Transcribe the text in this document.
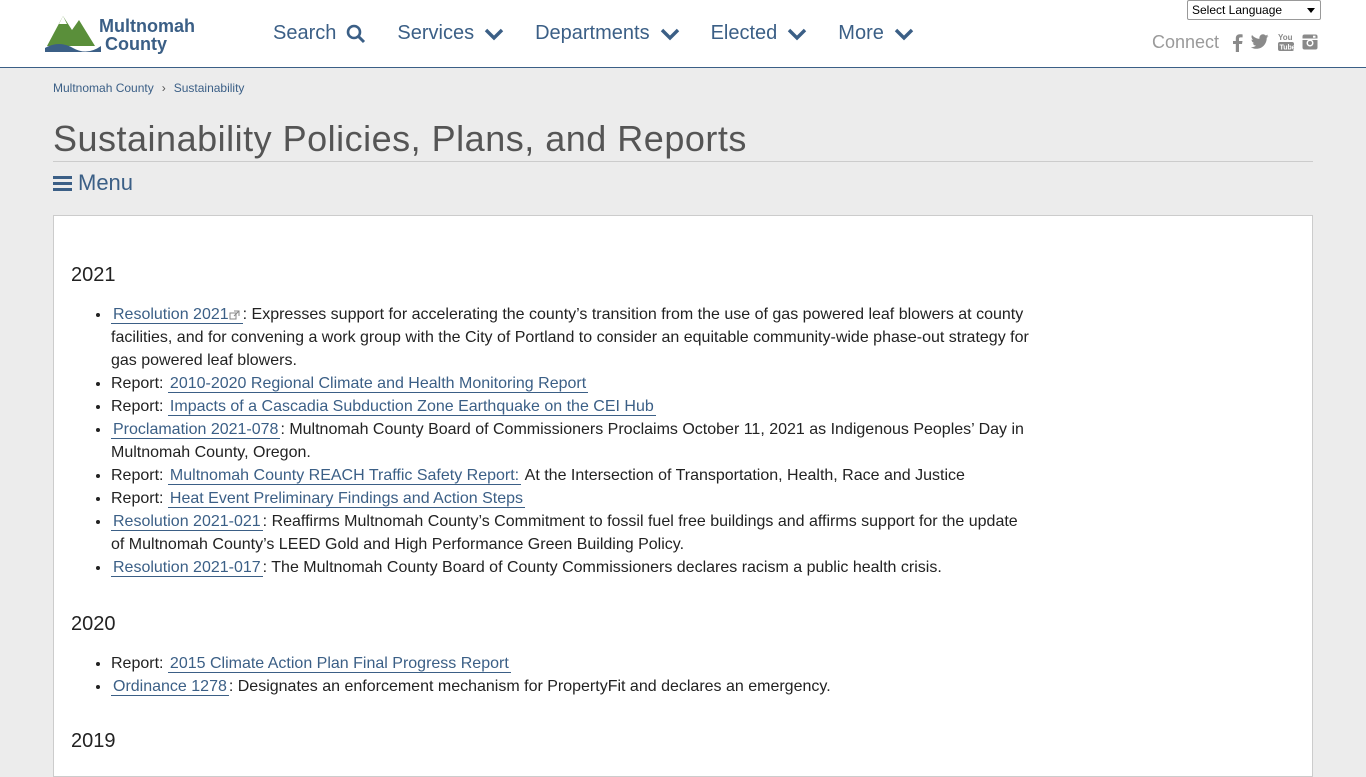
Multnomah
County	Search	Services	Departments	Elected	More
Select Language
Connect	You
Tube
Multnomah County › Sustainability
Sustainability Policies, Plans, and Reports
Menu
2021
• Resolution 2021 : Expresses support for accelerating the county’s transition from the use of gas powered leaf blowers at county facilities, and for convening a work group with the City of Portland to consider an equitable community-wide phase-out strategy for gas powered leaf blowers.
• Report: 2010-2020 Regional Climate and Health Monitoring Report
• Report: Impacts of a Cascadia Subduction Zone Earthquake on the CEI Hub
• Proclamation 2021-078 : Multnomah County Board of Commissioners Proclaims October 11, 2021 as Indigenous Peoples’ Day in Multnomah County, Oregon.
• Report: Multnomah County REACH Traffic Safety Report: At the Intersection of Transportation, Health, Race and Justice
• Report: Heat Event Preliminary Findings and Action Steps
• Resolution 2021-021 : Reaffirms Multnomah County’s Commitment to fossil fuel free buildings and affirms support for the update of Multnomah County’s LEED Gold and High Performance Green Building Policy.
• Resolution 2021-017 : The Multnomah County Board of County Commissioners declares racism a public health crisis.
2020
• Report: 2015 Climate Action Plan Final Progress Report
• Ordinance 1278 : Designates an enforcement mechanism for PropertyFit and declares an emergency.
2019
